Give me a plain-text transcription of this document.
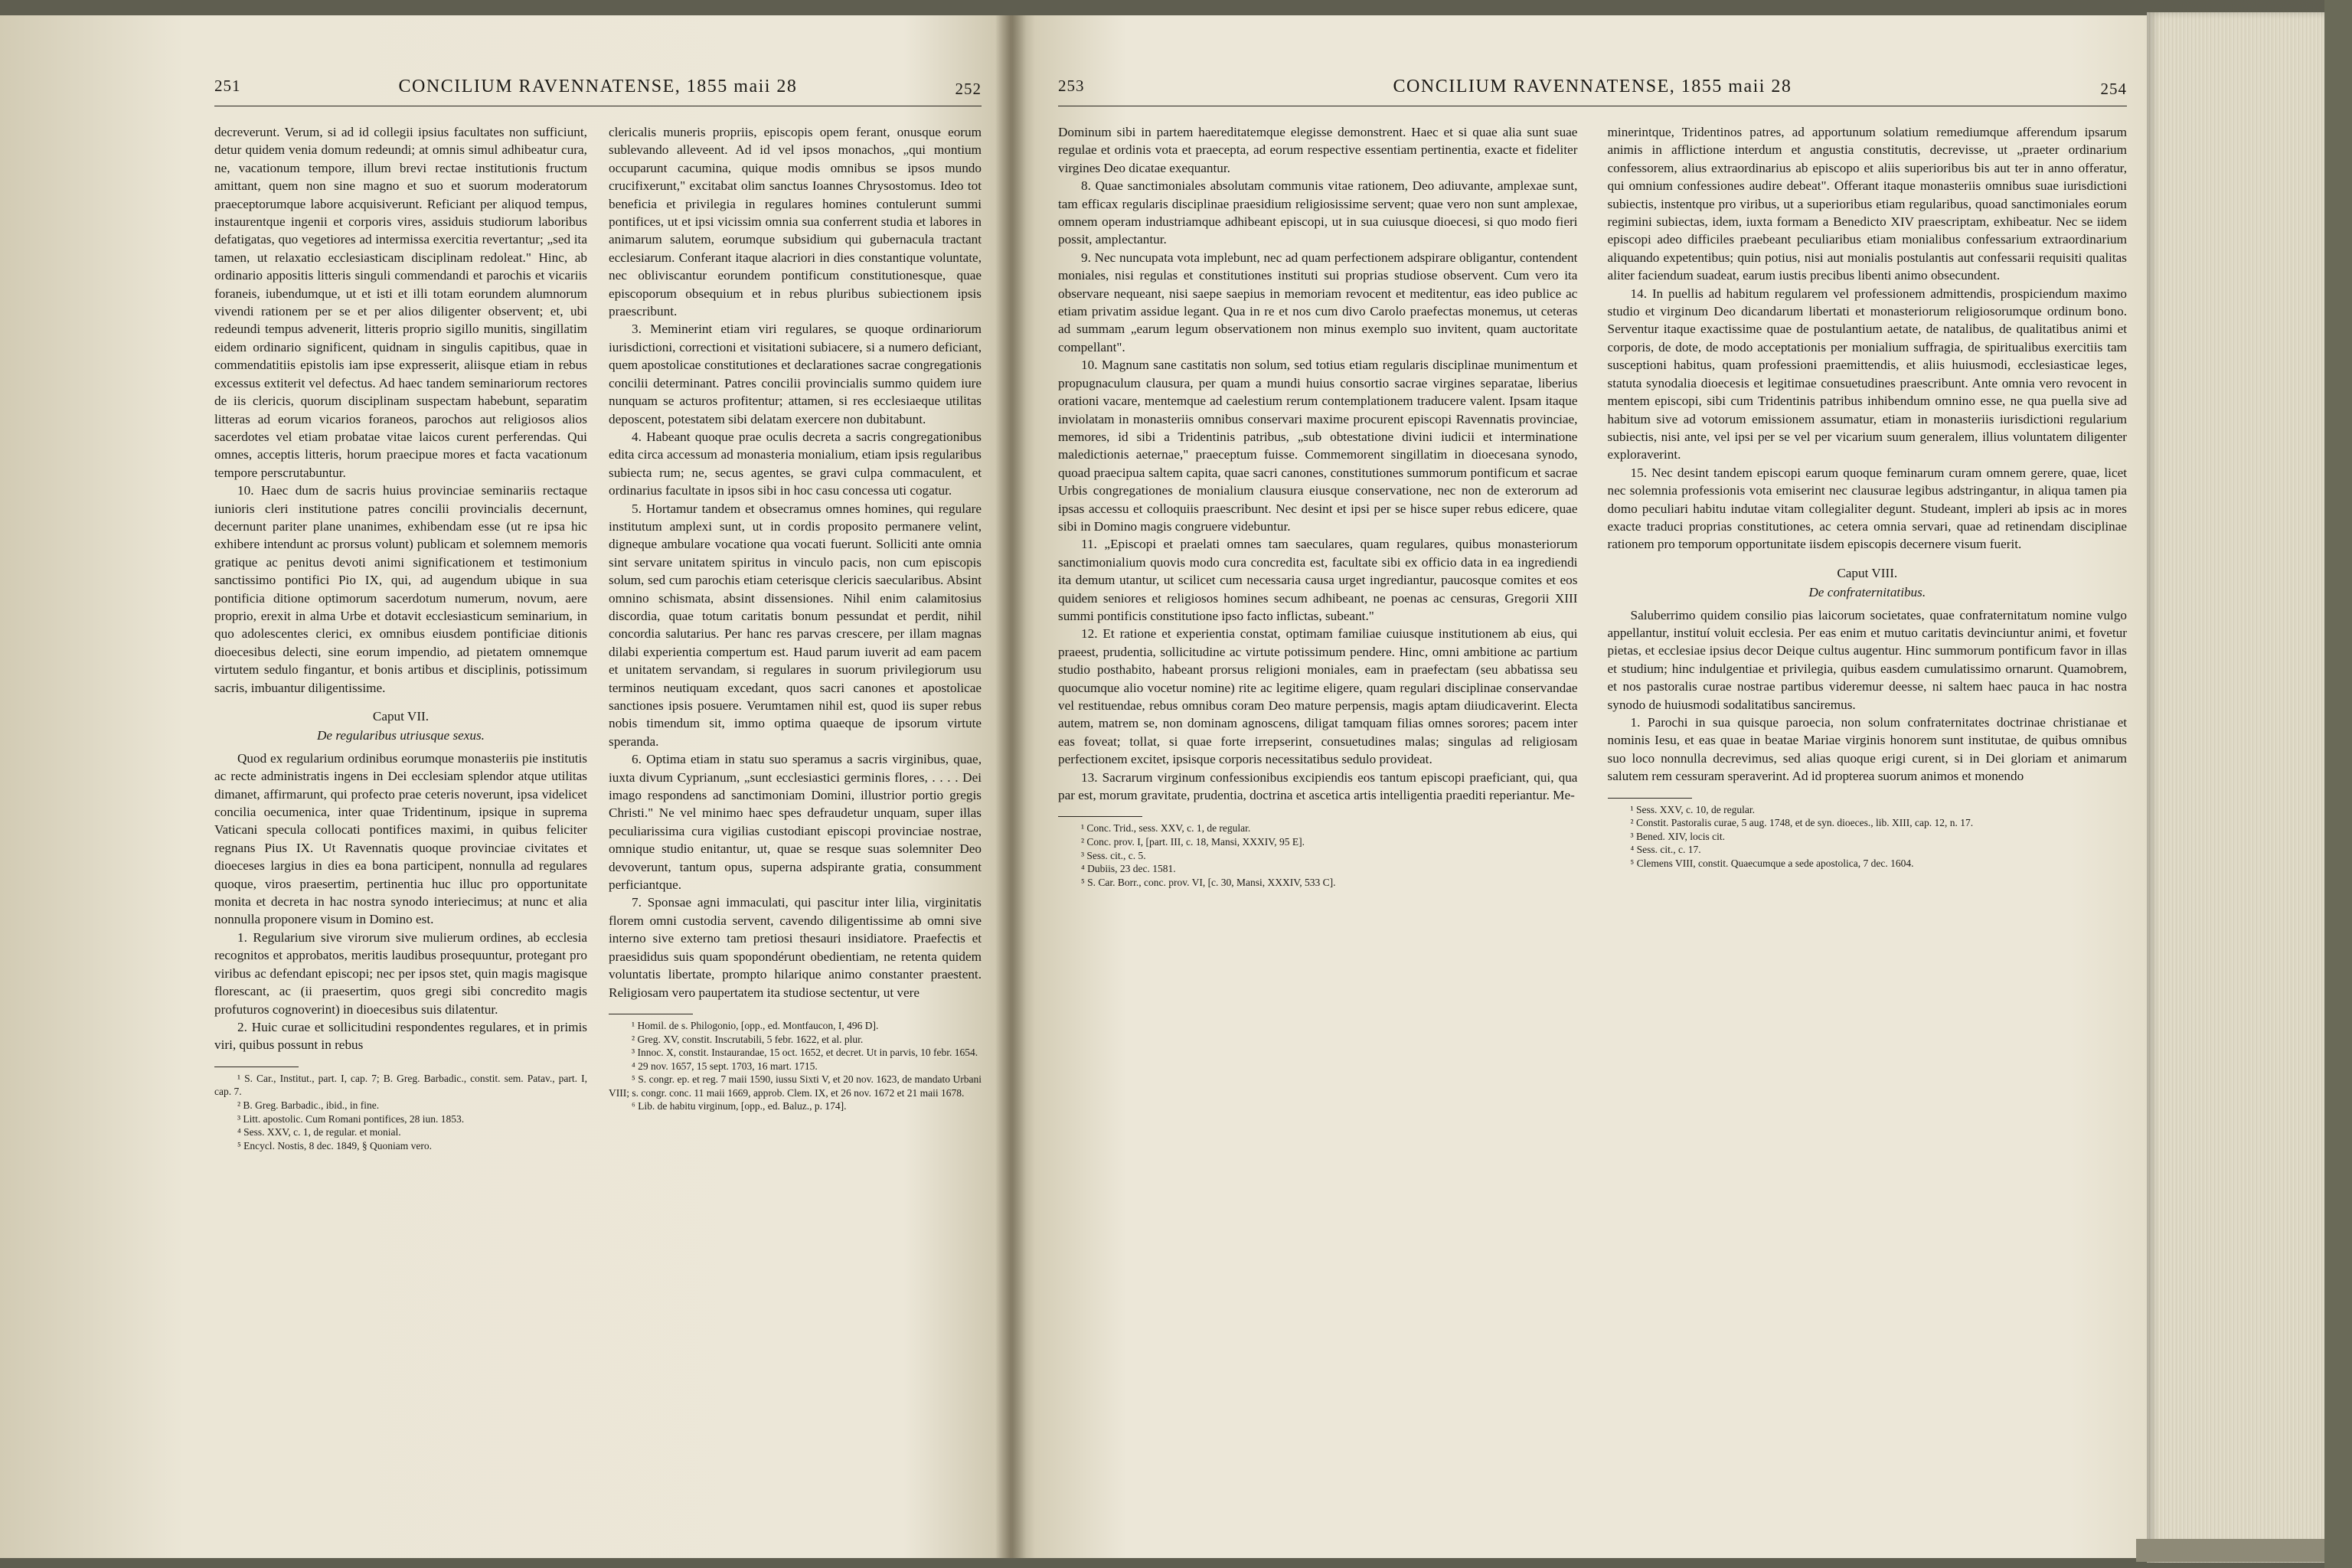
251	CONCILIUM RAVENNATENSE, 1855 maii 28	252

decreverunt. Verum, si ad id collegii ipsius facultates non sufficiunt, detur quidem venia domum redeundi; at omnis simul adhibeatur cura, ne, vacationum tempore, illum brevi rectae institutionis fructum amittant, quem non sine magno et suo et suorum moderatorum praeceptorumque labore acquisiverunt. Reficiant per aliquod tempus, instaurentque ingenii et corporis vires, assiduis studiorum laboribus defatigatas, quo vegetiores ad intermissa exercitia revertantur; „sed ita tamen, ut relaxatio ecclesiasticam disciplinam redoleat." Hinc, ab ordinario appositis litteris singuli commendandi et parochis et vicariis foraneis, iubendumque, ut et isti et illi totam eorundem alumnorum vivendi rationem per se et per alios diligenter observent; et, ubi redeundi tempus advenerit, litteris proprio sigillo munitis, singillatim eidem ordinario significent, quidnam in singulis capitibus, quae in commendatitiis epistolis iam ipse expresserit, aliisque etiam in rebus excessus extiterit vel defectus. Ad haec tandem seminariorum rectores de iis clericis, quorum disciplinam suspectam habebunt, separatim litteras ad eorum vicarios foraneos, parochos aut religiosos alios sacerdotes vel etiam probatae vitae laicos curent perferendas. Qui omnes, acceptis litteris, horum praecipue mores et facta vacationum tempore perscrutabuntur.

10. Haec dum de sacris huius provinciae seminariis rectaque iunioris cleri institutione patres concilii provincialis decernunt, decernunt pariter plane unanimes, exhibendam esse (ut re ipsa hic exhibere intendunt ac prorsus volunt) publicam et solemnem memoris gratique ac penitus devoti animi significationem et testimonium sanctissimo pontifici Pio IX, qui, ad augendum ubique in sua pontificia ditione optimorum sacerdotum numerum, novum, aere proprio, erexit in alma Urbe et dotavit ecclesiasticum seminarium, in quo adolescentes clerici, ex omnibus eiusdem pontificiae ditionis dioecesibus delecti, sine eorum impendio, ad pietatem omnemque virtutem sedulo fingantur, et bonis artibus et disciplinis, potissimum sacris, imbuantur diligentissime.

Caput VII.

De regularibus utriusque sexus.

Quod ex regularium ordinibus eorumque monasteriis pie institutis ac recte administratis ingens in Dei ecclesiam splendor atque utilitas dimanet, affirmarunt, qui profecto prae ceteris noverunt, ipsa videlicet concilia oecumenica, inter quae Tridentinum, ipsique in suprema Vaticani specula collocati pontifices maximi, in quibus feliciter regnans Pius IX. Ut Ravennatis quoque provinciae civitates et dioeceses largius in dies ea bona participent, nonnulla ad regulares quoque, viros praesertim, pertinentia huc illuc pro opportunitate monita et decreta in hac nostra synodo interiecimus; at nunc et alia nonnulla proponere visum in Domino est.

1. Regularium sive virorum sive mulierum ordines, ab ecclesia recognitos et approbatos, meritis laudibus prosequuntur, protegant pro viribus ac defendant episcopi; nec per ipsos stet, quin magis magisque florescant, ac (ii praesertim, quos gregi sibi concredito magis profuturos cognoverint) in dioecesibus suis dilatentur.

2. Huic curae et sollicitudini respondentes regulares, et in primis viri, quibus possunt in rebus

¹ S. Car., Institut., part. I, cap. 7; B. Greg. Barbadic., constit. sem. Patav., part. I, cap. 7.

² B. Greg. Barbadic., ibid., in fine.

³ Litt. apostolic. Cum Romani pontifices, 28 iun. 1853.

⁴ Sess. XXV, c. 1, de regular. et monial.

⁵ Encycl. Nostis, 8 dec. 1849, § Quoniam vero.

clericalis muneris propriis, episcopis opem ferant, onusque eorum sublevando alleveent. Ad id vel ipsos monachos, „qui montium occuparunt cacumina, quique modis omnibus se ipsos mundo crucifixerunt," excitabat olim sanctus Ioannes Chrysostomus. Ideo tot beneficia et privilegia in regulares homines contulerunt summi pontifices, ut et ipsi vicissim omnia sua conferrent studia et labores in animarum salutem, eorumque subsidium qui gubernacula tractant ecclesiarum. Conferant itaque alacriori in dies constantique voluntate, nec obliviscantur eorundem pontificum constitutionesque, quae episcoporum obsequium et in rebus pluribus subiectionem ipsis praescribunt.

3. Meminerint etiam viri regulares, se quoque ordinariorum iurisdictioni, correctioni et visitationi subiacere, si a numero deficiant, quem apostolicae constitutiones et declarationes sacrae congregationis concilii determinant. Patres concilii provincialis summo quidem iure nunquam se acturos profitentur; attamen, si res ecclesiaeque utilitas deposcent, potestatem sibi delatam exercere non dubitabunt.

4. Habeant quoque prae oculis decreta a sacris congregationibus edita circa accessum ad monasteria monialium, etiam ipsis regularibus subiecta rum; ne, secus agentes, se gravi culpa commaculent, et ordinarius facultate in ipsos sibi in hoc casu concessa uti cogatur.

5. Hortamur tandem et obsecramus omnes homines, qui regulare institutum amplexi sunt, ut in cordis proposito permanere velint, digneque ambulare vocatione qua vocati fuerunt. Solliciti ante omnia sint servare unitatem spiritus in vinculo pacis, non cum episcopis solum, sed cum parochis etiam ceterisque clericis saecularibus. Absint omnino schismata, absint dissensiones. Nihil enim calamitosius discordia, quae totum caritatis bonum pessundat et perdit, nihil concordia salutarius. Per hanc res parvas crescere, per illam magnas dilabi experientia compertum est. Haud parum iuverit ad eam pacem et unitatem servandam, si regulares in suorum privilegiorum usu terminos neutiquam excedant, quos sacri canones et apostolicae sanctiones ipsis posuere. Verumtamen nihil est, quod iis super rebus nobis timendum sit, immo optima quaeque de ipsorum virtute speranda.

6. Optima etiam in statu suo speramus a sacris virginibus, quae, iuxta divum Cyprianum, „sunt ecclesiastici germinis flores, . . . . Dei imago respondens ad sanctimoniam Domini, illustrior portio gregis Christi." Ne vel minimo haec spes defraudetur unquam, super illas peculiarissima cura vigilias custodiant episcopi provinciae nostrae, omnique studio enitantur, ut, quae se resque suas solemniter Deo devoverunt, tantum opus, superna adspirante gratia, consumment perficiantque.

7. Sponsae agni immaculati, qui pascitur inter lilia, virginitatis florem omni custodia servent, cavendo diligentissime ab omni sive interno sive externo tam pretiosi thesauri insidiatore. Praefectis et praesididus suis quam spopondérunt obedientiam, ne retenta quidem voluntatis libertate, prompto hilarique animo constanter praestent. Religiosam vero paupertatem ita studiose sectentur, ut vere

¹ Homil. de s. Philogonio, [opp., ed. Montfaucon, I, 496 D].

² Greg. XV, constit. Inscrutabili, 5 febr. 1622, et al. plur.

³ Innoc. X, constit. Instaurandae, 15 oct. 1652, et decret. Ut in parvis, 10 febr. 1654.

⁴ 29 nov. 1657, 15 sept. 1703, 16 mart. 1715.

⁵ S. congr. ep. et reg. 7 maii 1590, iussu Sixti V, et 20 nov. 1623, de mandato Urbani VIII; s. congr. conc. 11 maii 1669, approb. Clem. IX, et 26 nov. 1672 et 21 maii 1678.

⁶ Lib. de habitu virginum, [opp., ed. Baluz., p. 174].

253	CONCILIUM RAVENNATENSE, 1855 maii 28	254

Dominum sibi in partem haereditatemque elegisse demonstrent. Haec et si quae alia sunt suae regulae et ordinis vota et praecepta, ad eorum respective essentiam pertinentia, exacte et fideliter virgines Deo dicatae exequantur.

8. Quae sanctimoniales absolutam communis vitae rationem, Deo adiuvante, amplexae sunt, tam efficax regularis disciplinae praesidium religiosissime servent; quae vero non sunt amplexae, omnem operam industriamque adhibeant episcopi, ut in sua cuiusque dioecesi, si quo modo fieri possit, amplectantur.

9. Nec nuncupata vota implebunt, nec ad quam perfectionem adspirare obligantur, contendent moniales, nisi regulas et constitutiones instituti sui proprias studiose observent. Cum vero ita observare nequeant, nisi saepe saepius in memoriam revocent et meditentur, eas ideo publice ac etiam privatim assidue legant. Qua in re et nos cum divo Carolo praefectas monemus, ut ceteras ad summam „earum legum observationem non minus exemplo suo invitent, quam auctoritate compellant".

10. Magnum sane castitatis non solum, sed totius etiam regularis disciplinae munimentum et propugnaculum clausura, per quam a mundi huius consortio sacrae virgines separatae, liberius orationi vacare, mentemque ad caelestium rerum contemplationem traducere valent. Ipsam itaque inviolatam in monasteriis omnibus conservari maxime procurent episcopi Ravennatis provinciae, memores, id sibi a Tridentinis patribus, „sub obtestatione divini iudicii et interminatione maledictionis aeternae," praeceptum fuisse. Commemorent singillatim in dioecesana synodo, quoad praecipua saltem capita, quae sacri canones, constitutiones summorum pontificum et sacrae Urbis congregationes de monialium clausura eiusque conservatione, nec non de exterorum ad ipsas accessu et colloquiis praescribunt. Nec desint et ipsi per se hisce super rebus edicere, quae sibi in Domino magis congruere videbuntur.

11. „Episcopi et praelati omnes tam saeculares, quam regulares, quibus monasteriorum sanctimonialium quovis modo cura concredita est, facultate sibi ex officio data in ea ingrediendi ita demum utantur, ut scilicet cum necessaria causa urget ingrediantur, paucosque comites et eos quidem seniores et religiosos homines secum adhibeant, ne poenas ac censuras, Gregorii XIII summi pontificis constitutione ipso facto inflictas, subeant."

12. Et ratione et experientia constat, optimam familiae cuiusque institutionem ab eius, qui praeest, prudentia, sollicitudine ac virtute potissimum pendere. Hinc, omni ambitione ac partium studio posthabito, habeant prorsus religioni moniales, eam in praefectam (seu abbatissa seu quocumque alio vocetur nomine) rite ac legitime eligere, quam regulari disciplinae conservandae vel restituendae, rebus omnibus coram Deo mature perpensis, magis aptam diiudicaverint. Electa autem, matrem se, non dominam agnoscens, diligat tamquam filias omnes sorores; pacem inter eas foveat; tollat, si quae forte irrepserint, consuetudines malas; singulas ad religiosam perfectionem excitet, ipsisque corporis necessitatibus sedulo provideat.

13. Sacrarum virginum confessionibus excipiendis eos tantum episcopi praeficiant, qui, qua par est, morum gravitate, prudentia, doctrina et ascetica artis intelligentia praediti reperiantur. Me-

¹ Conc. Trid., sess. XXV, c. 1, de regular.

² Conc. prov. I, [part. III, c. 18, Mansi, XXXIV, 95 E].

³ Sess. cit., c. 5.

⁴ Dubiis, 23 dec. 1581.

⁵ S. Car. Borr., conc. prov. VI, [c. 30, Mansi, XXXIV, 533 C].

minerintque, Tridentinos patres, ad apportunum solatium remediumque afferendum ipsarum animis in afflictione interdum et angustia constitutis, decrevisse, ut „praeter ordinarium confessorem, alius extraordinarius ab episcopo et aliis superioribus bis aut ter in anno offeratur, qui omnium confessiones audire debeat". Offerant itaque monasteriis omnibus suae iurisdictioni subiectis, instentque pro viribus, ut a superioribus etiam regularibus, quoad sanctimoniales eorum regimini subiectas, idem, iuxta formam a Benedicto XIV praescriptam, exhibeatur. Nec se iidem episcopi adeo difficiles praebeant peculiaribus etiam monialibus confessarium extraordinarium aliquando expetentibus; quin potius, nisi aut monialis postulantis aut confessarii requisiti qualitas aliter faciendum suadeat, earum iustis precibus libenti animo obsecundent.

14. In puellis ad habitum regularem vel professionem admittendis, prospiciendum maximo studio et virginum Deo dicandarum libertati et monasteriorum religiosorumque ordinum bono. Serventur itaque exactissime quae de postulantium aetate, de natalibus, de qualitatibus animi et corporis, de dote, de modo acceptationis per monialium suffragia, de spiritualibus exercitiis tam susceptioni habitus, quam professioni praemittendis, et aliis huiusmodi, ecclesiasticae leges, statuta synodalia dioecesis et legitimae consuetudines praescribunt. Ante omnia vero revocent in mentem episcopi, sibi cum Tridentinis patribus inhibendum omnino esse, ne qua puella sive ad habitum sive ad votorum emissionem assumatur, etiam in monasteriis iurisdictioni regularium subiectis, nisi ante, vel ipsi per se vel per vicarium suum generalem, illius voluntatem diligenter exploraverint.

15. Nec desint tandem episcopi earum quoque feminarum curam omnem gerere, quae, licet nec solemnia professionis vota emiserint nec clausurae legibus adstringantur, in aliqua tamen pia domo peculiari habitu indutae vitam collegialiter degunt. Studeant, impleri ab ipsis ac in mores exacte traduci proprias constitutiones, ac cetera omnia servari, quae ad retinendam disciplinae rationem pro temporum opportunitate iisdem episcopis decernere visum fuerit.

Caput VIII.

De confraternitatibus.

Saluberrimo quidem consilio pias laicorum societates, quae confraternitatum nomine vulgo appellantur, instituí voluit ecclesia. Per eas enim et mutuo caritatis devinciuntur animi, et fovetur pietas, et ecclesiae ipsius decor Deique cultus augentur. Hinc summorum pontificum favor in illas et studium; hinc indulgentiae et privilegia, quibus easdem cumulatissimo ornarunt. Quamobrem, et nos pastoralis curae nostrae partibus videremur deesse, ni saltem haec pauca in hac nostra synodo de huiusmodi sodalitatibus sanciremus.

1. Parochi in sua quisque paroecia, non solum confraternitates doctrinae christianae et nominis Iesu, et eas quae in beatae Mariae virginis honorem sunt institutae, de quibus omnibus suo loco nonnulla decrevimus, sed alias quoque erigi curent, si in Dei gloriam et animarum salutem rem cessuram speraverint. Ad id propterea suorum animos et monendo

¹ Sess. XXV, c. 10, de regular.

² Constit. Pastoralis curae, 5 aug. 1748, et de syn. dioeces., lib. XIII, cap. 12, n. 17.

³ Bened. XIV, locis cit.

⁴ Sess. cit., c. 17.

⁵ Clemens VIII, constit. Quaecumque a sede apostolica, 7 dec. 1604.
